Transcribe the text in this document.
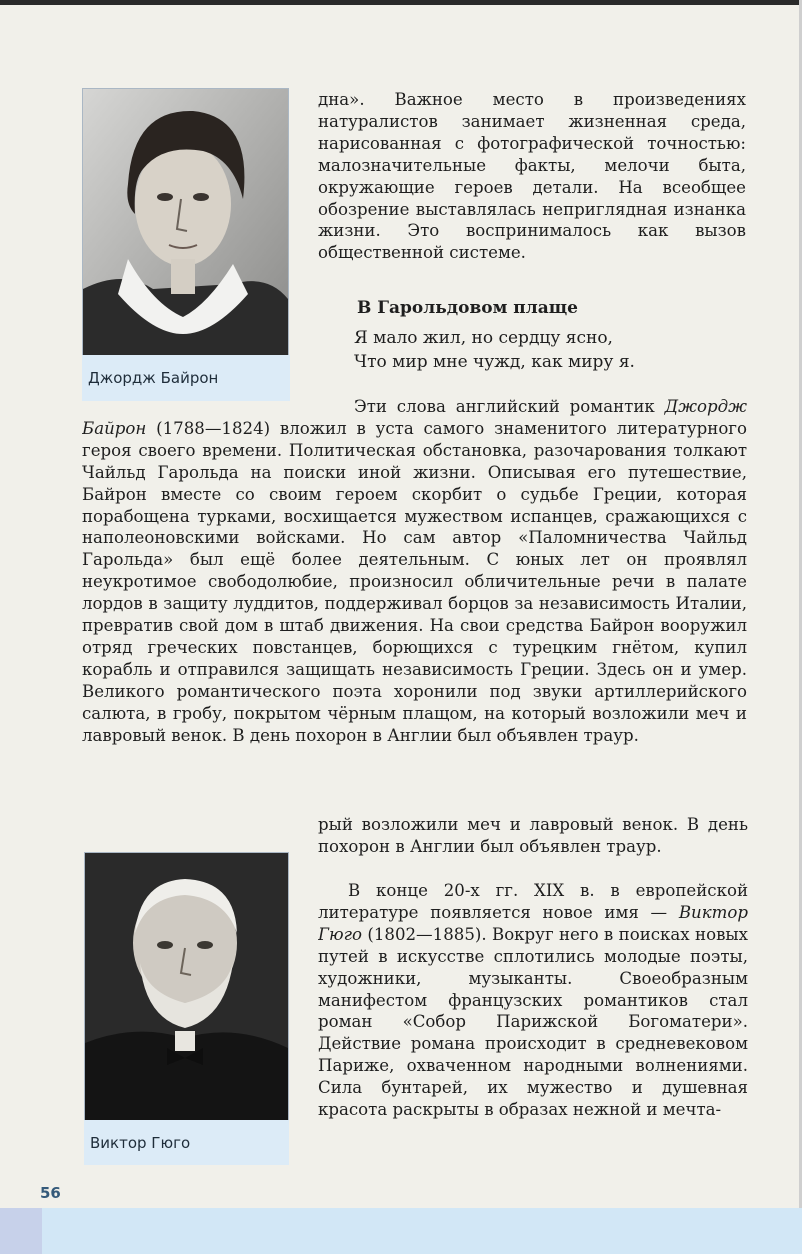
Джордж Байрон

дна». Важное место в произведениях натуралистов занимает жизненная среда, нарисованная с фотографической точностью: малозначительные факты, мелочи быта, окружающие героев детали. На всеобщее обозрение выставлялась неприглядная изнанка жизни. Это воспринималось как вызов общественной системе.

В Гарольдовом плаще
Я мало жил, но сердцу ясно,
Что мир мне чужд, как миру я.

Эти слова английский романтик Джордж Байрон (1788—1824) вложил в уста самого знаменитого литературного героя своего времени. Политическая обстановка, разочарования толкают Чайльд Гарольда на поиски иной жизни. Описывая его путешествие, Байрон вместе со своим героем скорбит о судьбе Греции, которая порабощена турками, восхищается мужеством испанцев, сражающихся с наполеоновскими войсками. Но сам автор «Паломничества Чайльд Гарольда» был ещё более деятельным. С юных лет он проявлял неукротимое свободолюбие, произносил обличительные речи в палате лордов в защиту луддитов, поддерживал борцов за независимость Италии, превратив свой дом в штаб движения. На свои средства Байрон вооружил отряд греческих повстанцев, борющихся с турецким гнётом, купил корабль и отправился защищать независимость Греции. Здесь он и умер. Великого романтического поэта хоронили под звуки артиллерийского салюта, в гробу, покрытом чёрным плащом, на который возложили меч и лавровый венок. В день похорон в Англии был объявлен траур.

Виктор Гюго

В конце 20-х гг. XIX в. в европейской литературе появляется новое имя — Виктор Гюго (1802—1885). Вокруг него в поисках новых путей в искусстве сплотились молодые поэты, художники, музыканты. Своеобразным манифестом французских романтиков стал роман «Собор Парижской Богоматери». Действие романа происходит в средневековом Париже, охваченном народными волнениями. Сила бунтарей, их мужество и душевная красота раскрыты в образах нежной и мечта-

рый возложили меч и лавровый венок. В день похорон в Англии был объявлен траур.

56
